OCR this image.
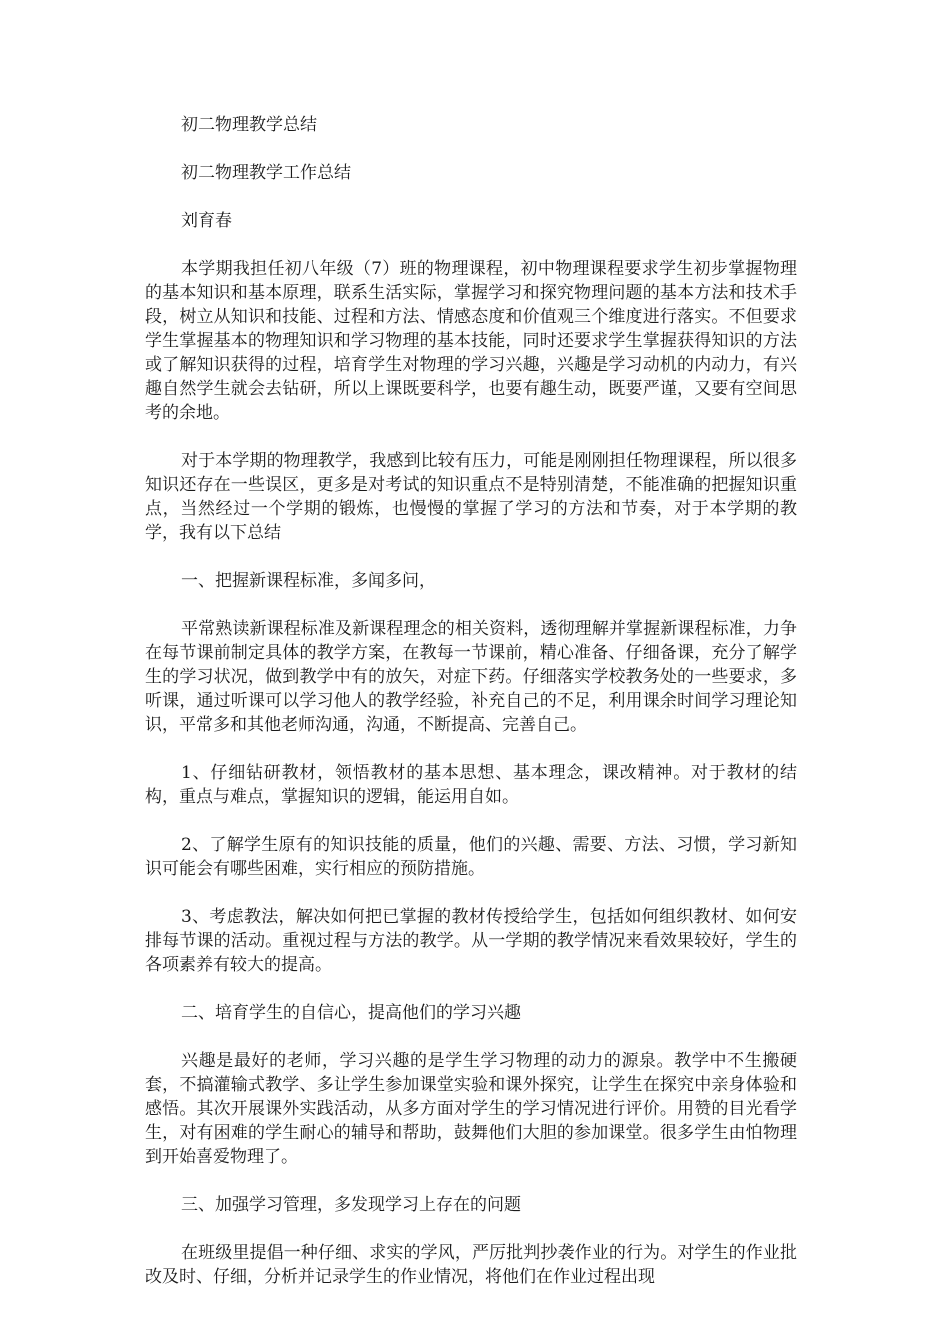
初二物理教学总结

初二物理教学工作总结

刘育春

本学期我担任初八年级（7）班的物理课程，初中物理课程要求学生初步掌握物理的基本知识和基本原理，联系生活实际，掌握学习和探究物理问题的基本方法和技术手段，树立从知识和技能、过程和方法、情感态度和价值观三个维度进行落实。不但要求学生掌握基本的物理知识和学习物理的基本技能，同时还要求学生掌握获得知识的方法或了解知识获得的过程，培育学生对物理的学习兴趣，兴趣是学习动机的内动力，有兴趣自然学生就会去钻研，所以上课既要科学，也要有趣生动，既要严谨，又要有空间思考的余地。

对于本学期的物理教学，我感到比较有压力，可能是刚刚担任物理课程，所以很多知识还存在一些误区，更多是对考试的知识重点不是特别清楚，不能准确的把握知识重点，当然经过一个学期的锻炼，也慢慢的掌握了学习的方法和节奏，对于本学期的教学，我有以下总结

一、把握新课程标准，多闻多问，

平常熟读新课程标准及新课程理念的相关资料，透彻理解并掌握新课程标准，力争在每节课前制定具体的教学方案，在教每一节课前，精心准备、仔细备课，充分了解学生的学习状况，做到教学中有的放矢，对症下药。仔细落实学校教务处的一些要求，多听课，通过听课可以学习他人的教学经验，补充自己的不足，利用课余时间学习理论知识，平常多和其他老师沟通，沟通，不断提高、完善自己。

1、仔细钻研教材，领悟教材的基本思想、基本理念，课改精神。对于教材的结构，重点与难点，掌握知识的逻辑，能运用自如。

2、了解学生原有的知识技能的质量，他们的兴趣、需要、方法、习惯，学习新知识可能会有哪些困难，实行相应的预防措施。

3、考虑教法，解决如何把已掌握的教材传授给学生，包括如何组织教材、如何安排每节课的活动。重视过程与方法的教学。从一学期的教学情况来看效果较好，学生的各项素养有较大的提高。

二、培育学生的自信心，提高他们的学习兴趣

兴趣是最好的老师，学习兴趣的是学生学习物理的动力的源泉。教学中不生搬硬套，不搞灌输式教学、多让学生参加课堂实验和课外探究，让学生在探究中亲身体验和感悟。其次开展课外实践活动，从多方面对学生的学习情况进行评价。用赞的目光看学生，对有困难的学生耐心的辅导和帮助，鼓舞他们大胆的参加课堂。很多学生由怕物理到开始喜爱物理了。

三、加强学习管理，多发现学习上存在的问题

在班级里提倡一种仔细、求实的学风，严厉批判抄袭作业的行为。对学生的作业批改及时、仔细，分析并记录学生的作业情况，将他们在作业过程出现
